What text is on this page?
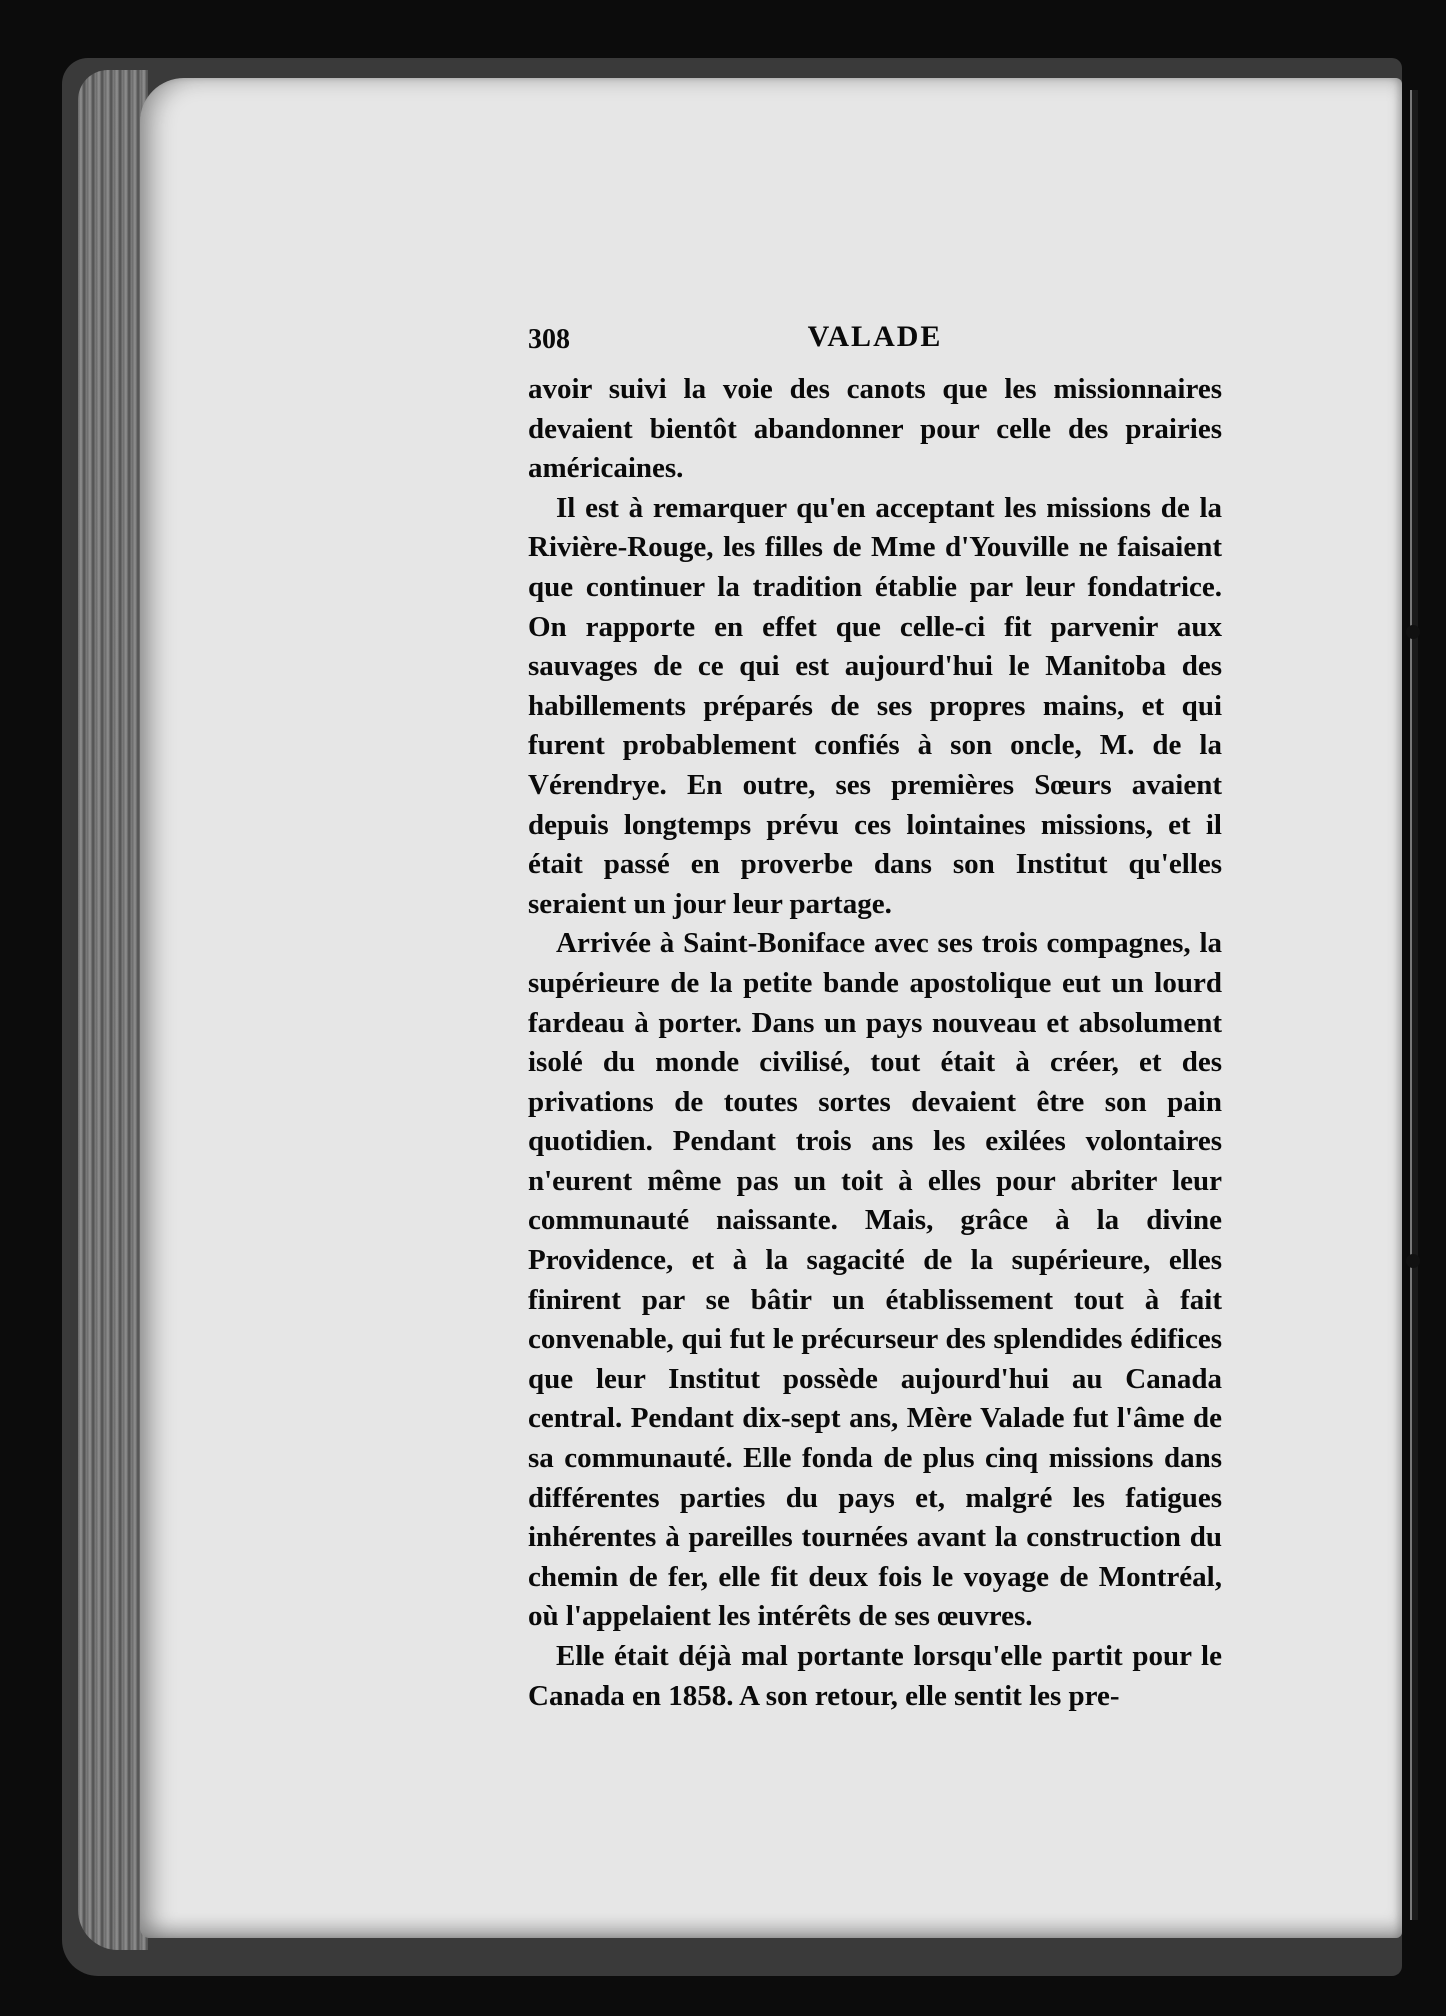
308	VALADE

avoir suivi la voie des canots que les missionnaires devaient bientôt abandonner pour celle des prairies américaines.

Il est à remarquer qu'en acceptant les missions de la Rivière-Rouge, les filles de Mme d'Youville ne faisaient que continuer la tradition établie par leur fondatrice. On rapporte en effet que celle-ci fit parvenir aux sauvages de ce qui est aujourd'hui le Manitoba des habillements préparés de ses propres mains, et qui furent probablement confiés à son oncle, M. de la Vérendrye. En outre, ses premières Sœurs avaient depuis longtemps prévu ces lointaines missions, et il était passé en proverbe dans son Institut qu'elles seraient un jour leur partage.

Arrivée à Saint-Boniface avec ses trois compagnes, la supérieure de la petite bande apostolique eut un lourd fardeau à porter. Dans un pays nouveau et absolument isolé du monde civilisé, tout était à créer, et des privations de toutes sortes devaient être son pain quotidien. Pendant trois ans les exilées volontaires n'eurent même pas un toit à elles pour abriter leur communauté naissante. Mais, grâce à la divine Providence, et à la sagacité de la supérieure, elles finirent par se bâtir un établissement tout à fait convenable, qui fut le précurseur des splendides édifices que leur Institut possède aujourd'hui au Canada central. Pendant dix-sept ans, Mère Valade fut l'âme de sa communauté. Elle fonda de plus cinq missions dans différentes parties du pays et, malgré les fatigues inhérentes à pareilles tournées avant la construction du chemin de fer, elle fit deux fois le voyage de Montréal, où l'appelaient les intérêts de ses œuvres.

Elle était déjà mal portante lorsqu'elle partit pour le Canada en 1858. A son retour, elle sentit les pre-
